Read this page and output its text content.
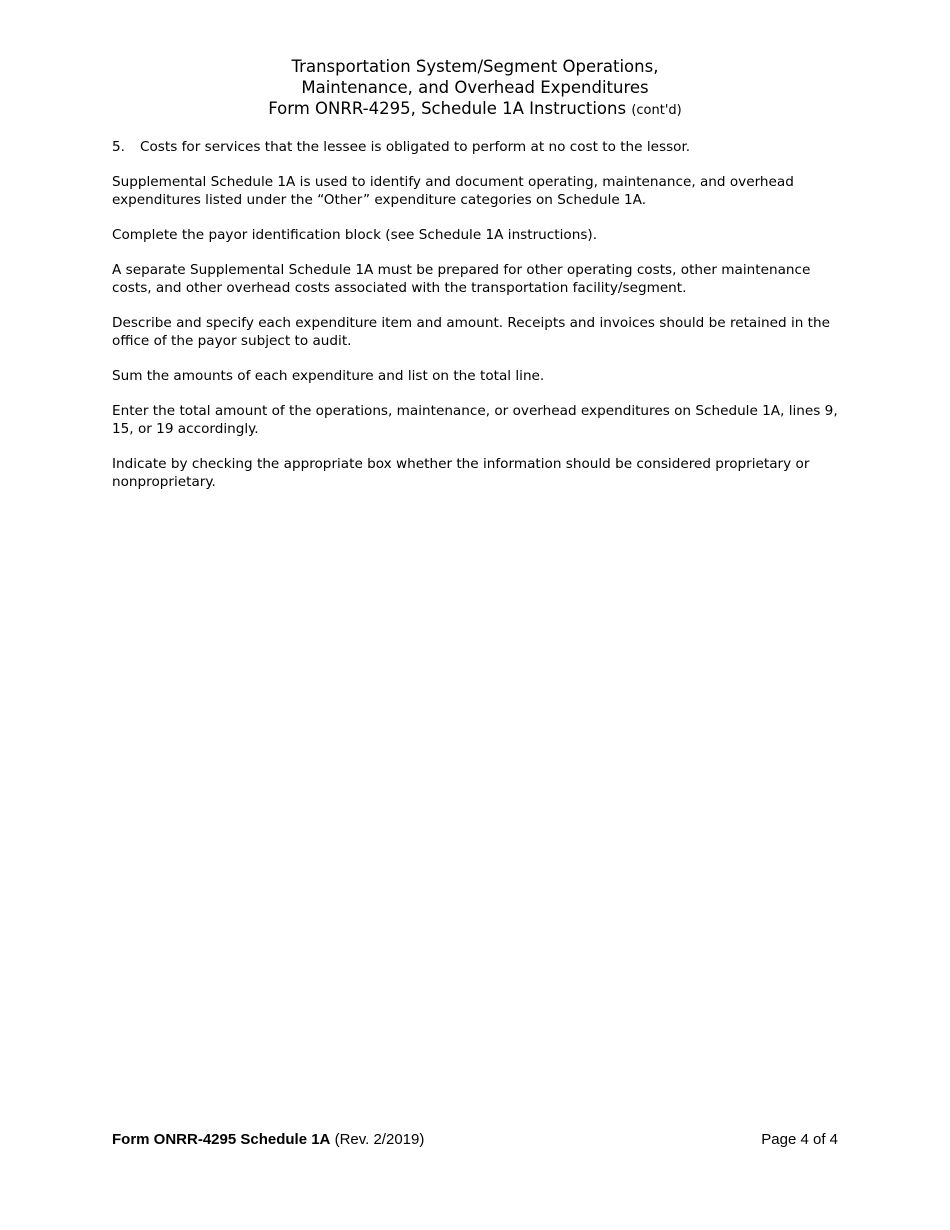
Transportation System/Segment Operations,
Maintenance, and Overhead Expenditures
Form ONRR-4295, Schedule 1A Instructions (cont'd)

5.	Costs for services that the lessee is obligated to perform at no cost to the lessor.

Supplemental Schedule 1A is used to identify and document operating, maintenance, and overhead expenditures listed under the “Other” expenditure categories on Schedule 1A.

Complete the payor identification block (see Schedule 1A instructions).

A separate Supplemental Schedule 1A must be prepared for other operating costs, other maintenance costs, and other overhead costs associated with the transportation facility/segment.

Describe and specify each expenditure item and amount. Receipts and invoices should be retained in the office of the payor subject to audit.

Sum the amounts of each expenditure and list on the total line.

Enter the total amount of the operations, maintenance, or overhead expenditures on Schedule 1A, lines 9, 15, or 19 accordingly.

Indicate by checking the appropriate box whether the information should be considered proprietary or nonproprietary.

Form ONRR-4295 Schedule 1A (Rev. 2/2019)	Page 4 of 4
